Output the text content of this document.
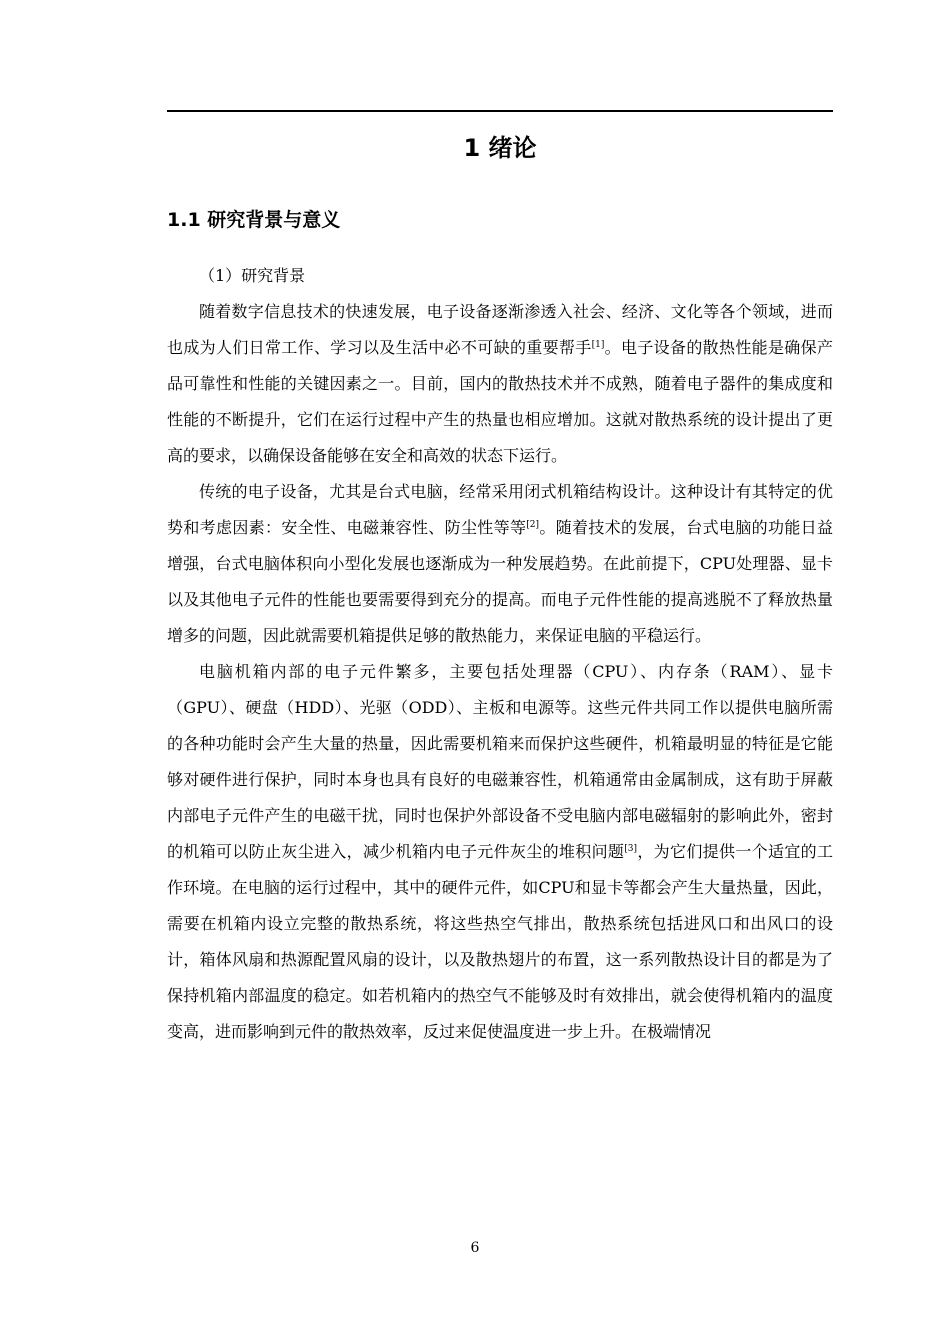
1 绪论
1.1 研究背景与意义

（1）研究背景

随着数字信息技术的快速发展，电子设备逐渐渗透入社会、经济、文化等各个领域，进而也成为人们日常工作、学习以及生活中必不可缺的重要帮手[1]。电子设备的散热性能是确保产品可靠性和性能的关键因素之一。目前，国内的散热技术并不成熟，随着电子器件的集成度和性能的不断提升，它们在运行过程中产生的热量也相应增加。这就对散热系统的设计提出了更高的要求，以确保设备能够在安全和高效的状态下运行。

传统的电子设备，尤其是台式电脑，经常采用闭式机箱结构设计。这种设计有其特定的优势和考虑因素：安全性、电磁兼容性、防尘性等等[2]。随着技术的发展，台式电脑的功能日益增强，台式电脑体积向小型化发展也逐渐成为一种发展趋势。在此前提下，CPU处理器、显卡以及其他电子元件的性能也要需要得到充分的提高。而电子元件性能的提高逃脱不了释放热量增多的问题，因此就需要机箱提供足够的散热能力，来保证电脑的平稳运行。

电脑机箱内部的电子元件繁多，主要包括处理器（CPU）、内存条（RAM）、显卡（GPU）、硬盘（HDD）、光驱（ODD）、主板和电源等。这些元件共同工作以提供电脑所需的各种功能时会产生大量的热量，因此需要机箱来而保护这些硬件，机箱最明显的特征是它能够对硬件进行保护，同时本身也具有良好的电磁兼容性，机箱通常由金属制成，这有助于屏蔽内部电子元件产生的电磁干扰，同时也保护外部设备不受电脑内部电磁辐射的影响此外，密封的机箱可以防止灰尘进入，减少机箱内电子元件灰尘的堆积问题[3]，为它们提供一个适宜的工作环境。在电脑的运行过程中，其中的硬件元件，如CPU和显卡等都会产生大量热量，因此，需要在机箱内设立完整的散热系统，将这些热空气排出，散热系统包括进风口和出风口的设计，箱体风扇和热源配置风扇的设计，以及散热翅片的布置，这一系列散热设计目的都是为了保持机箱内部温度的稳定。如若机箱内的热空气不能够及时有效排出，就会使得机箱内的温度变高，进而影响到元件的散热效率，反过来促使温度进一步上升。在极端情况

6
